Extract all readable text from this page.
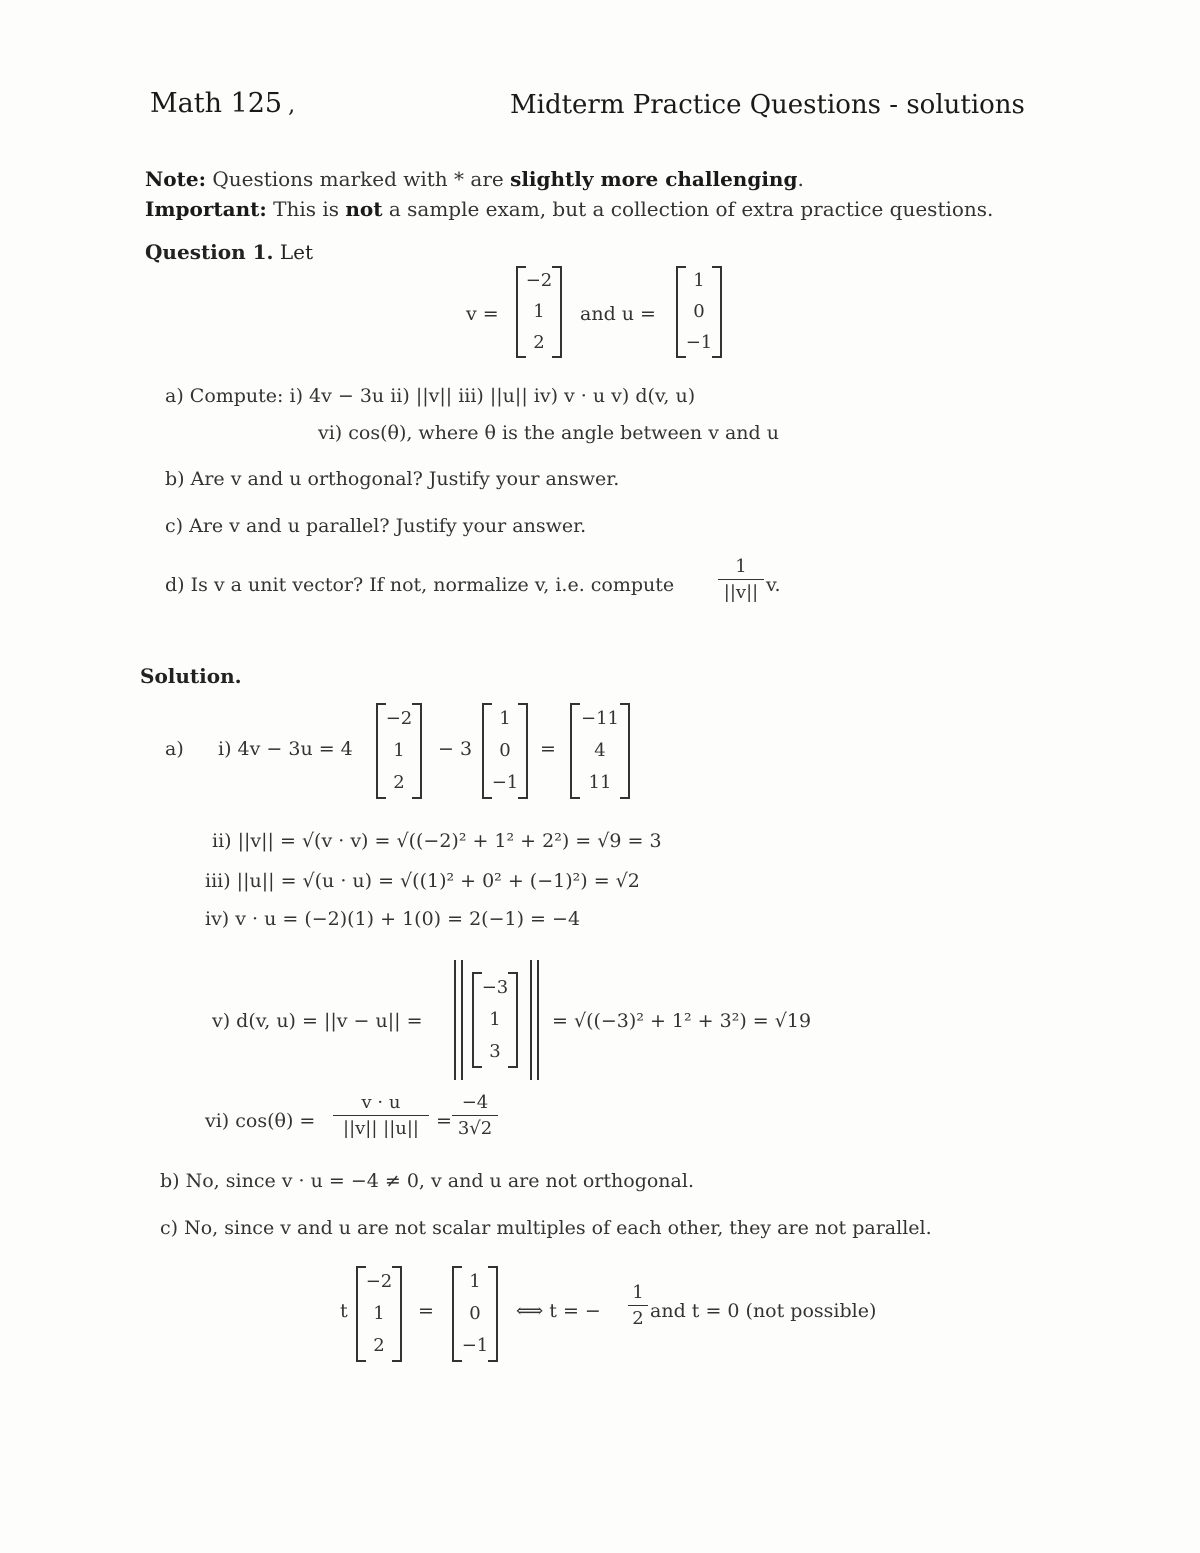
Math 125 ,	Midterm Practice Questions - solutions
Note: Questions marked with * are slightly more challenging.
Important: This is not a sample exam, but a collection of extra practice questions.
Question 1. Let
v =
−2
1
2
and u =
1
0
−1
a) Compute: i) 4v − 3u ii) ||v|| iii) ||u|| iv) v · u v) d(v, u)
vi) cos(θ), where θ is the angle between v and u
b) Are v and u orthogonal? Justify your answer.
c) Are v and u parallel? Justify your answer.
d) Is v a unit vector? If not, normalize v, i.e. compute
1
||v|| v.
Solution.
a) i) 4v − 3u = 4
−2
1
2
− 3
1
0
−1
=
−11
4
11
ii) ||v|| = √(v · v) = √((−2)² + 1² + 2²) = √9 = 3
iii) ||u|| = √(u · u) = √((1)² + 0² + (−1)²) = √2
iv) v · u = (−2)(1) + 1(0) = 2(−1) = −4
v) d(v, u) = ||v − u|| =
−3
1
3
= √((−3)² + 1² + 3²) = √19
vi) cos(θ) =
v · u
||v|| ||u|| =
−4
3√2
b) No, since v · u = −4 ≠ 0, v and u are not orthogonal.
c) No, since v and u are not scalar multiples of each other, they are not parallel.
t
−2
1
2
=
1
0
−1
⟺ t = −
1
2 and t = 0 (not possible)
